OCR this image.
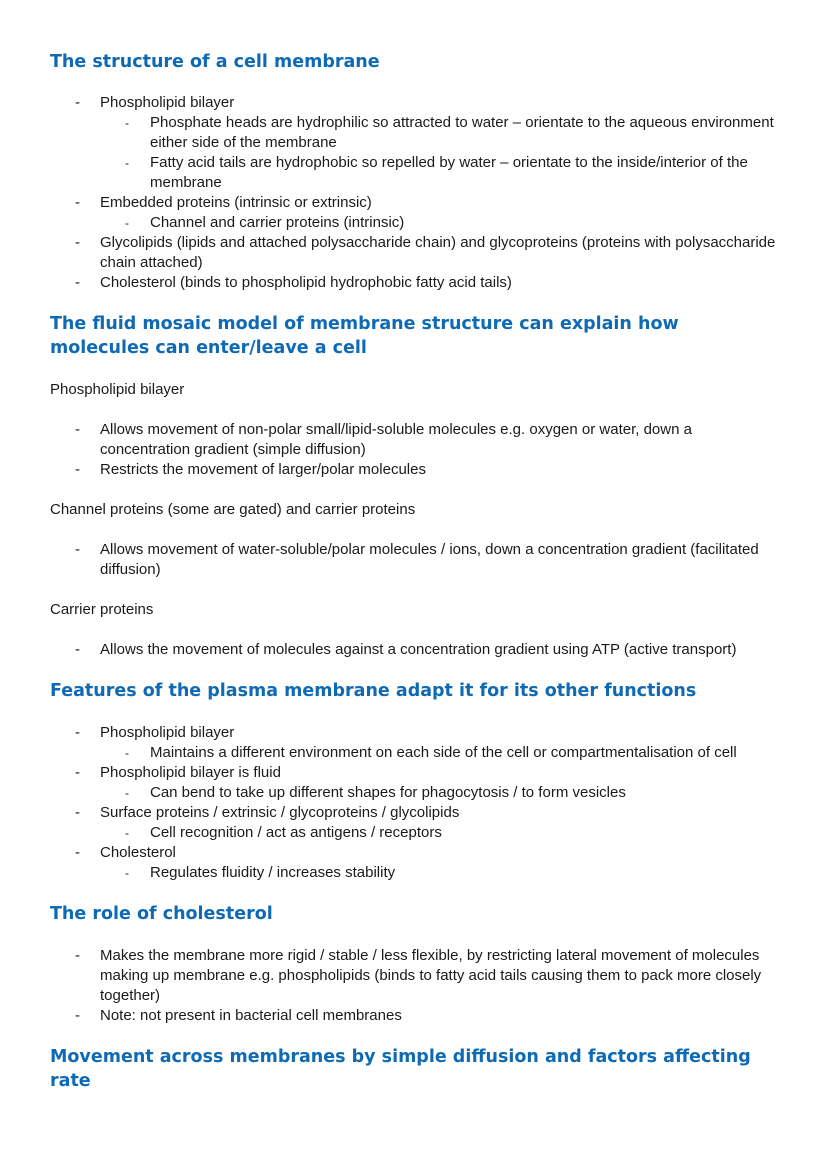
The structure of a cell membrane
- Phospholipid bilayer
- Phosphate heads are hydrophilic so attracted to water – orientate to the aqueous environment either side of the membrane
- Fatty acid tails are hydrophobic so repelled by water – orientate to the inside/interior of the membrane
- Embedded proteins (intrinsic or extrinsic)
- Channel and carrier proteins (intrinsic)
- Glycolipids (lipids and attached polysaccharide chain) and glycoproteins (proteins with polysaccharide chain attached)
- Cholesterol (binds to phospholipid hydrophobic fatty acid tails)
The fluid mosaic model of membrane structure can explain how molecules can enter/leave a cell

Phospholipid bilayer

- Allows movement of non-polar small/lipid-soluble molecules e.g. oxygen or water, down a concentration gradient (simple diffusion)
- Restricts the movement of larger/polar molecules

Channel proteins (some are gated) and carrier proteins

- Allows movement of water-soluble/polar molecules / ions, down a concentration gradient (facilitated diffusion)

Carrier proteins

- Allows the movement of molecules against a concentration gradient using ATP (active transport)
Features of the plasma membrane adapt it for its other functions
- Phospholipid bilayer
- Maintains a different environment on each side of the cell or compartmentalisation of cell
- Phospholipid bilayer is fluid
- Can bend to take up different shapes for phagocytosis / to form vesicles
- Surface proteins / extrinsic / glycoproteins / glycolipids
- Cell recognition / act as antigens / receptors
- Cholesterol
- Regulates fluidity / increases stability
The role of cholesterol
- Makes the membrane more rigid / stable / less flexible, by restricting lateral movement of molecules making up membrane e.g. phospholipids (binds to fatty acid tails causing them to pack more closely together)
- Note: not present in bacterial cell membranes
Movement across membranes by simple diffusion and factors affecting rate
